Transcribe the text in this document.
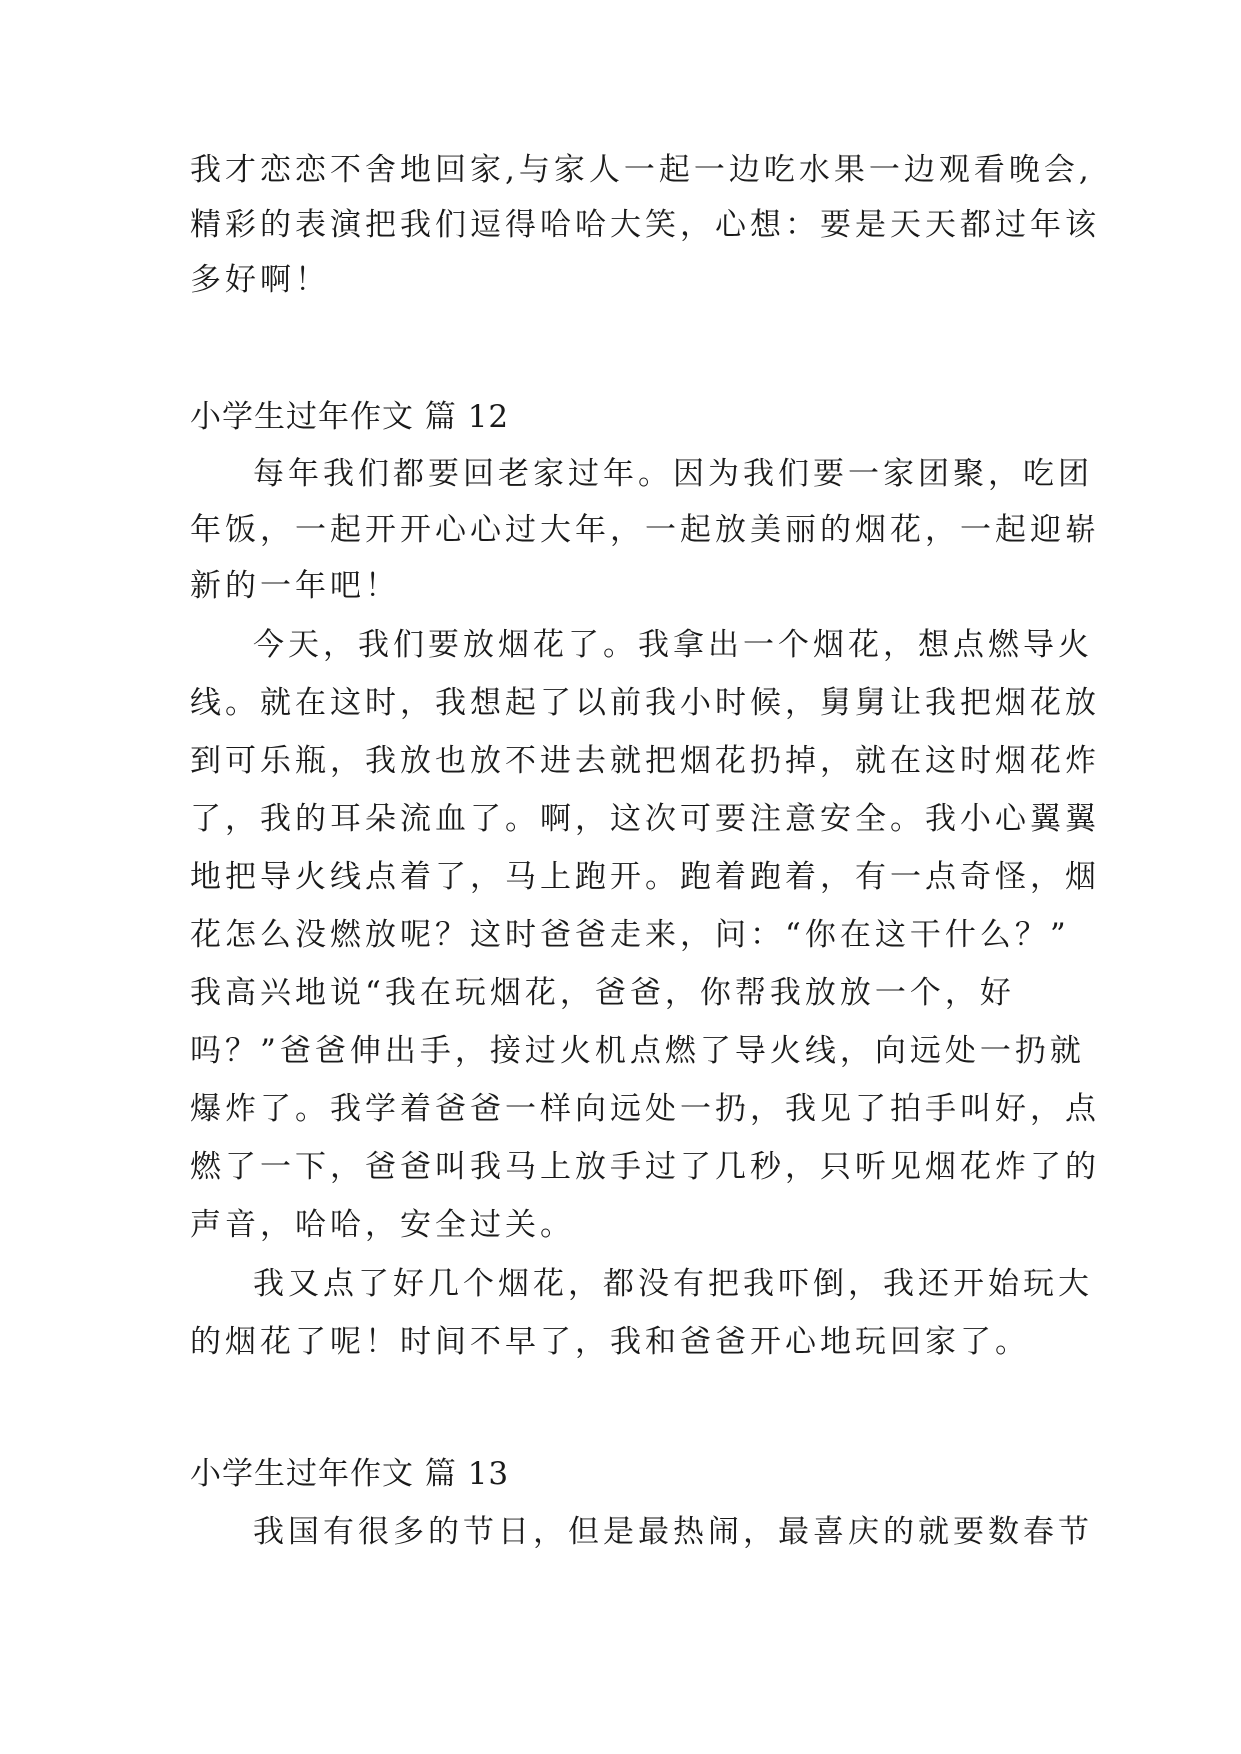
我才恋恋不舍地回家,与家人一起一边吃水果一边观看晚会,
精彩的表演把我们逗得哈哈大笑，心想：要是天天都过年该
多好啊！
小学生过年作文 篇 12
每年我们都要回老家过年。因为我们要一家团聚，吃团
年饭，一起开开心心过大年，一起放美丽的烟花，一起迎崭
新的一年吧！
今天，我们要放烟花了。我拿出一个烟花，想点燃导火
线。就在这时，我想起了以前我小时候，舅舅让我把烟花放
到可乐瓶，我放也放不进去就把烟花扔掉，就在这时烟花炸
了，我的耳朵流血了。啊，这次可要注意安全。我小心翼翼
地把导火线点着了，马上跑开。跑着跑着，有一点奇怪，烟
花怎么没燃放呢？这时爸爸走来，问：“你在这干什么？”
我高兴地说“我在玩烟花，爸爸，你帮我放放一个，好
吗？”爸爸伸出手，接过火机点燃了导火线，向远处一扔就
爆炸了。我学着爸爸一样向远处一扔，我见了拍手叫好，点
燃了一下，爸爸叫我马上放手过了几秒，只听见烟花炸了的
声音，哈哈，安全过关。
我又点了好几个烟花，都没有把我吓倒，我还开始玩大
的烟花了呢！时间不早了，我和爸爸开心地玩回家了。
小学生过年作文 篇 13
我国有很多的节日，但是最热闹，最喜庆的就要数春节
